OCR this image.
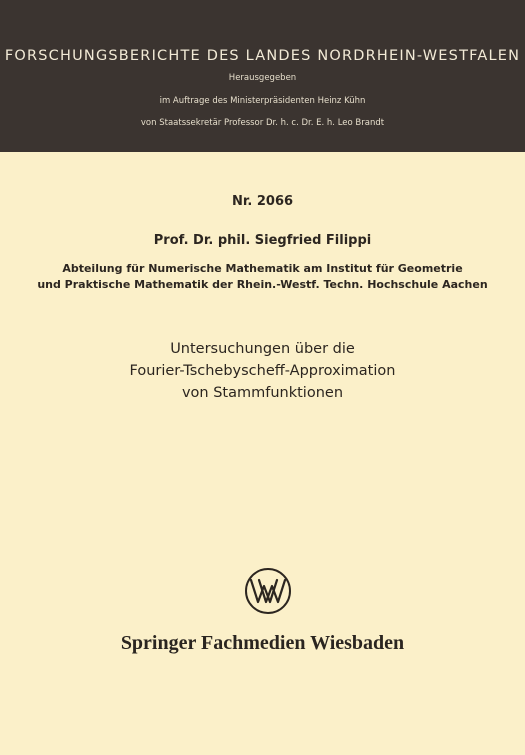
FORSCHUNGSBERICHTE DES LANDES NORDRHEIN-WESTFALEN
Herausgegeben
im Auftrage des Ministerpräsidenten Heinz Kühn
von Staatssekretär Professor Dr. h. c. Dr. E. h. Leo Brandt
Nr. 2066
Prof. Dr. phil. Siegfried Filippi
Abteilung für Numerische Mathematik am Institut für Geometrie
und Praktische Mathematik der Rhein.-Westf. Techn. Hochschule Aachen
Untersuchungen über die
Fourier-Tschebyscheff-Approximation
von Stammfunktionen
Springer Fachmedien Wiesbaden
